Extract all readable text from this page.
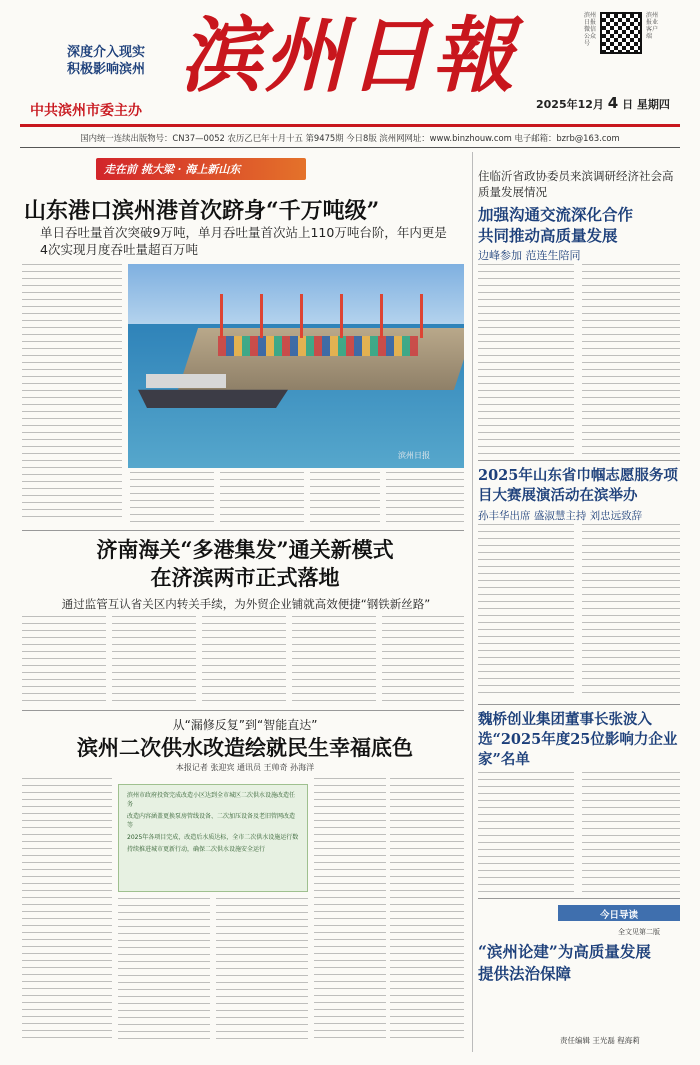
深度介入现实
积极影响滨州 滨州日報
中共滨州市委主办
滨州日报
微信公众号
滨州报业
客户端
2025年12月 4 日 星期四
国内统一连续出版物号：CN37—0052 农历乙巳年十月十五 第9475期 今日8版 滨州网网址：www.binzhouw.com 电子邮箱：bzrb@163.com
走在前 挑大梁 · 海上新山东
山东港口滨州港首次跻身“千万吨级”
单日吞吐量首次突破9万吨，单月吞吐量首次站上110万吨台阶，年内更是4次实现月度吞吐量超百万吨
滨州日报
济南海关“多港集发”通关新模式
在济滨两市正式落地
通过监管互认省关区内转关手续，为外贸企业铺就高效便捷“钢铁新丝路”
从“漏修反复”到“智能直达”
滨州二次供水改造绘就民生幸福底色
本报记者 张迎宾 通讯员 王帅奇 孙海洋
滨州市政府投资完成改造小区达到全市城区二次供水设施改造任务
改造内容涵盖更换泵房管线设备、二次加压设备及老旧管网改造等
2025年各项目完成，改造后水质达标，全市二次供水设施运行数
持续推进城市更新行动，确保二次供水设施安全运行
住临沂省政协委员来滨调研经济社会高质量发展情况
加强沟通交流深化合作
共同推动高质量发展
边峰参加 范连生陪同
2025年山东省巾帼志愿服务项目大赛展演活动在滨举办
孙丰华出席 盛淑慧主持 刘忠远致辞
魏桥创业集团董事长张波入选“2025年度25位影响力企业家”名单
今日导读
全文见第二版
“滨州论建”为高质量发展
提供法治保障
责任编辑 王光磊 程海莉
